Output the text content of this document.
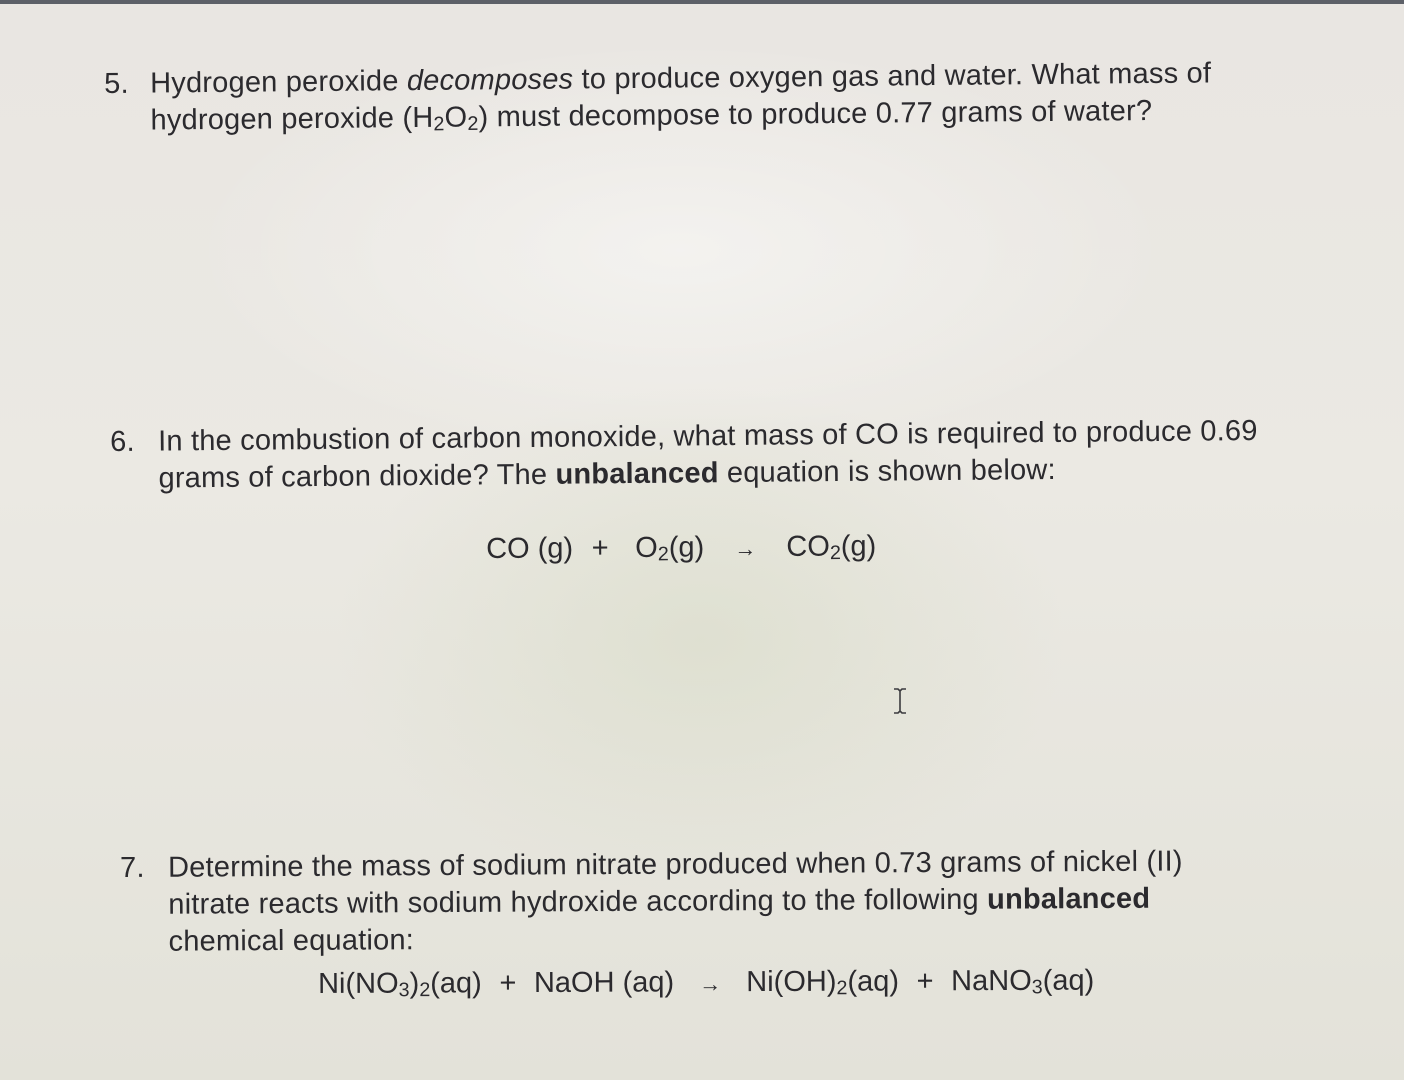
5. Hydrogen peroxide decomposes to produce oxygen gas and water. What mass of
hydrogen peroxide $(H_2O_2)$ must decompose to produce 0.77 grams of water?
6. In the combustion of carbon monoxide, what mass of CO is required to produce 0.69
grams of carbon dioxide? The unbalanced equation is shown below:
CO $(g) + O_2(g) \to CO_2(g)$
7. Determine the mass of sodium nitrate produced when 0.73 grams of nickel (II)
nitrate reacts with sodium hydroxide according to the following unbalanced
chemical equation:
$Ni(NO_3)_2(aq)$ + NaOH $(aq) \to Ni(OH)_2(aq)$ + NaNO$_3$(aq)
